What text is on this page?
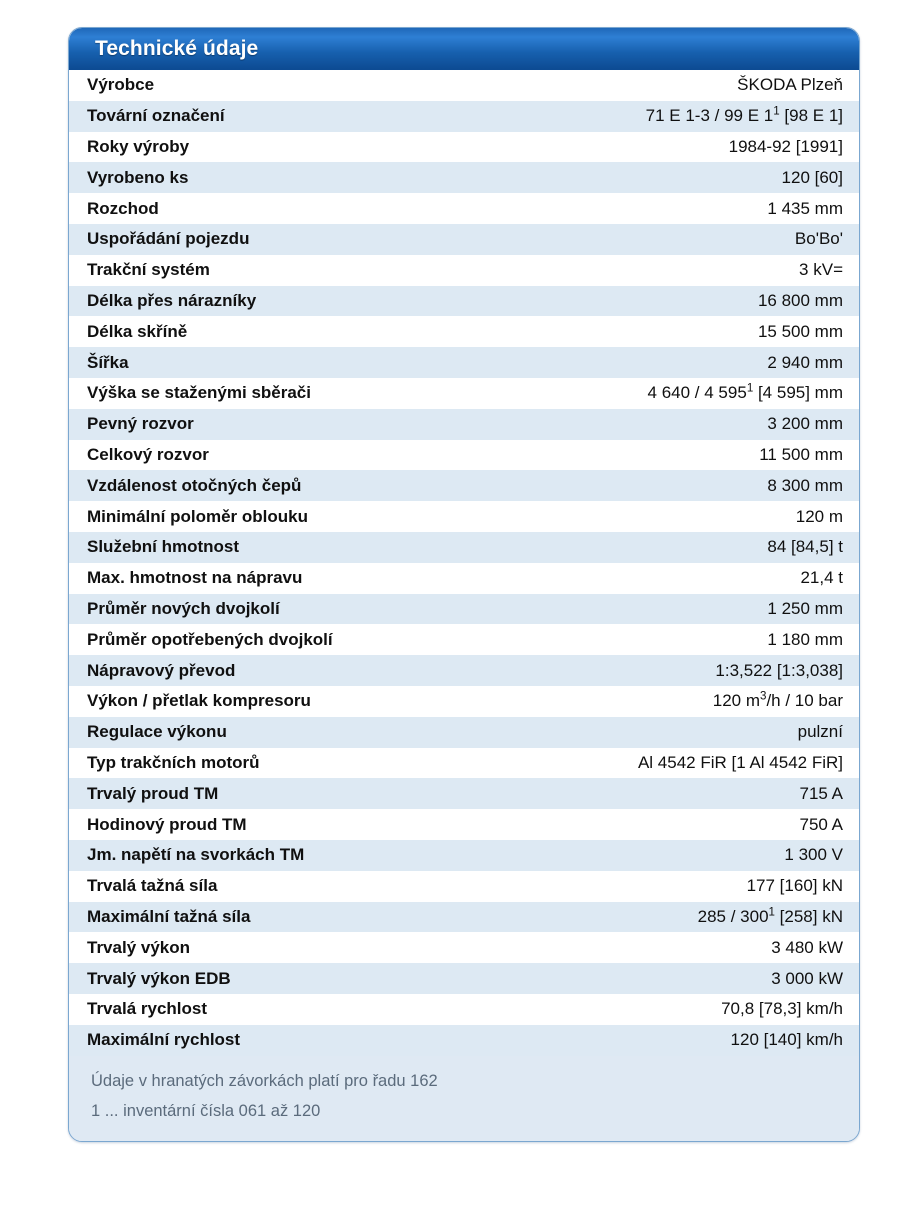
Technické údaje
Výrobce	ŠKODA Plzeň
Tovární označení	71 E 1-3 / 99 E $1^1$ [98 E 1]
Roky výroby	1984-92 [1991]
Vyrobeno ks	120 [60]
Rozchod	1 435 mm
Uspořádání pojezdu	Bo'Bo'
Trakční systém	3 kV=
Délka přes nárazníky	16 800 mm
Délka skříně	15 500 mm
Šířka	2 940 mm
Výška se staženými sběrači	4 640 / 4 $595^1$ [4 595] mm
Pevný rozvor	3 200 mm
Celkový rozvor	11 500 mm
Vzdálenost otočných čepů	8 300 mm
Minimální poloměr oblouku	120 m
Služební hmotnost	84 [84,5] t
Max. hmotnost na nápravu	21,4 t
Průměr nových dvojkolí	1 250 mm
Průměr opotřebených dvojkolí	1 180 mm
Nápravový převod	1:3,522 [1:3,038]
Výkon / přetlak kompresoru	120 $m^3/h / 10$ bar
Regulace výkonu	pulzní
Typ trakčních motorů	Al 4542 FiR [1 Al 4542 FiR]
Trvalý proud TM	715 A
Hodinový proud TM	750 A
Jm. napětí na svorkách TM	1 300 V
Trvalá tažná síla	177 [160] kN
Maximální tažná síla	$285 / 300^1$ [258] kN
Trvalý výkon	3 480 kW
Trvalý výkon EDB	3 000 kW
Trvalá rychlost	70,8 [78,3] km/h
Maximální rychlost	120 [140] km/h
Údaje v hranatých závorkách platí pro řadu 162
1 ... inventární čísla 061 až 120
